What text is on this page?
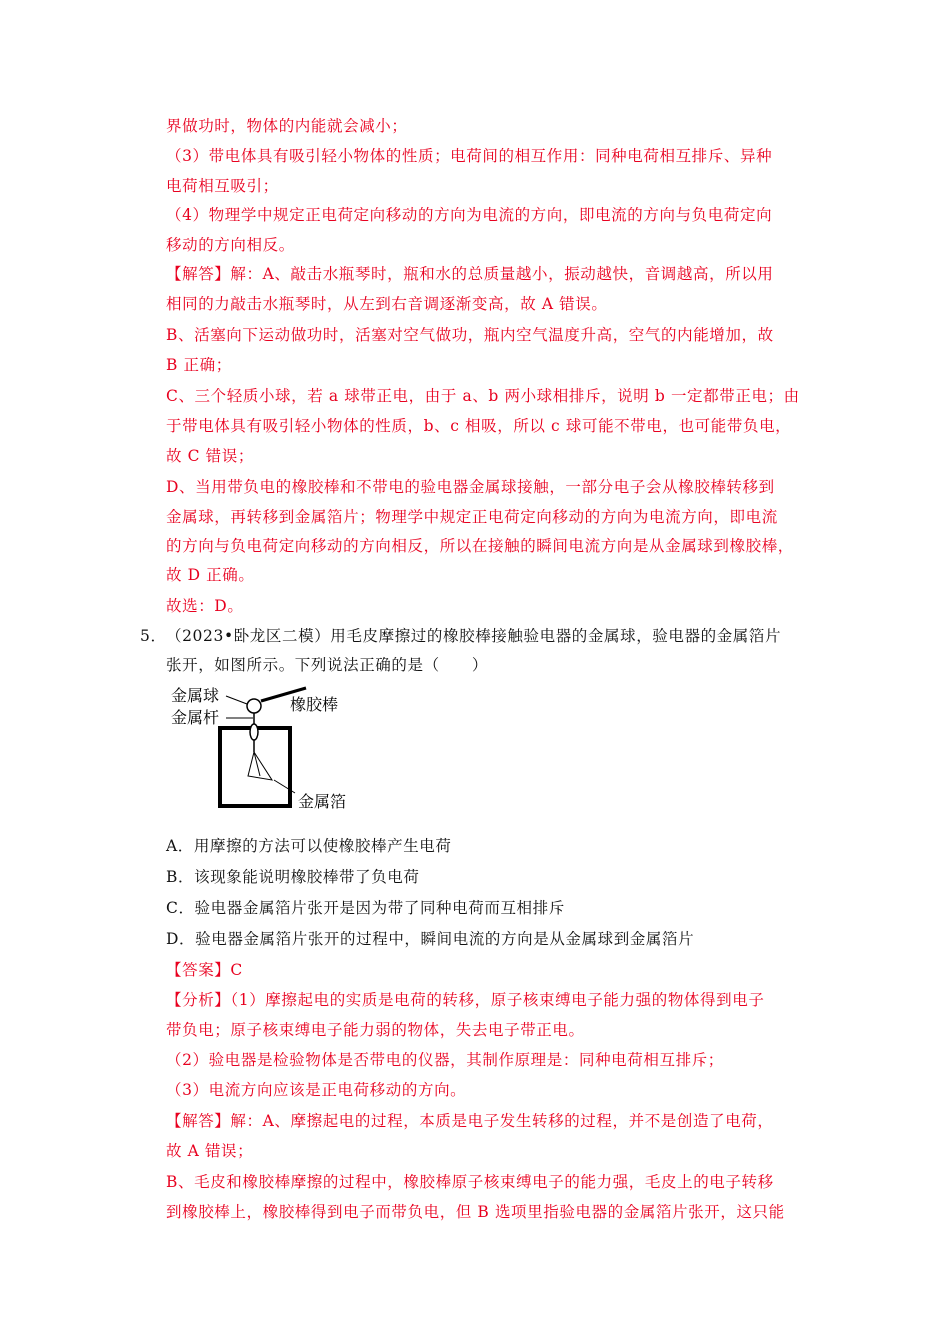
界做功时，物体的内能就会减小；
（3）带电体具有吸引轻小物体的性质；电荷间的相互作用：同种电荷相互排斥、异种
电荷相互吸引；
（4）物理学中规定正电荷定向移动的方向为电流的方向，即电流的方向与负电荷定向
移动的方向相反。
【解答】解：A、敲击水瓶琴时，瓶和水的总质量越小，振动越快，音调越高，所以用
相同的力敲击水瓶琴时，从左到右音调逐渐变高，故 A 错误。
B、活塞向下运动做功时，活塞对空气做功，瓶内空气温度升高，空气的内能增加，故
B 正确；
C、三个轻质小球，若 a 球带正电，由于 a、b 两小球相排斥，说明 b 一定都带正电；由
于带电体具有吸引轻小物体的性质，b、c 相吸，所以 c 球可能不带电，也可能带负电，
故 C 错误；
D、当用带负电的橡胶棒和不带电的验电器金属球接触，一部分电子会从橡胶棒转移到
金属球，再转移到金属箔片；物理学中规定正电荷定向移动的方向为电流方向，即电流
的方向与负电荷定向移动的方向相反，所以在接触的瞬间电流方向是从金属球到橡胶棒，
故 D 正确。
故选：D。
5． （2023•卧龙区二模）用毛皮摩擦过的橡胶棒接触验电器的金属球，验电器的金属箔片
张开，如图所示。下列说法正确的是（　　）
金属球
金属杆
橡胶棒
金属箔
A．用摩擦的方法可以使橡胶棒产生电荷
B．该现象能说明橡胶棒带了负电荷
C．验电器金属箔片张开是因为带了同种电荷而互相排斥
D．验电器金属箔片张开的过程中，瞬间电流的方向是从金属球到金属箔片
【答案】C
【分析】（1）摩擦起电的实质是电荷的转移，原子核束缚电子能力强的物体得到电子
带负电；原子核束缚电子能力弱的物体，失去电子带正电。
（2）验电器是检验物体是否带电的仪器，其制作原理是：同种电荷相互排斥；
（3）电流方向应该是正电荷移动的方向。
【解答】解：A、摩擦起电的过程，本质是电子发生转移的过程，并不是创造了电荷，
故 A 错误；
B、毛皮和橡胶棒摩擦的过程中，橡胶棒原子核束缚电子的能力强，毛皮上的电子转移
到橡胶棒上，橡胶棒得到电子而带负电，但 B 选项里指验电器的金属箔片张开，这只能
